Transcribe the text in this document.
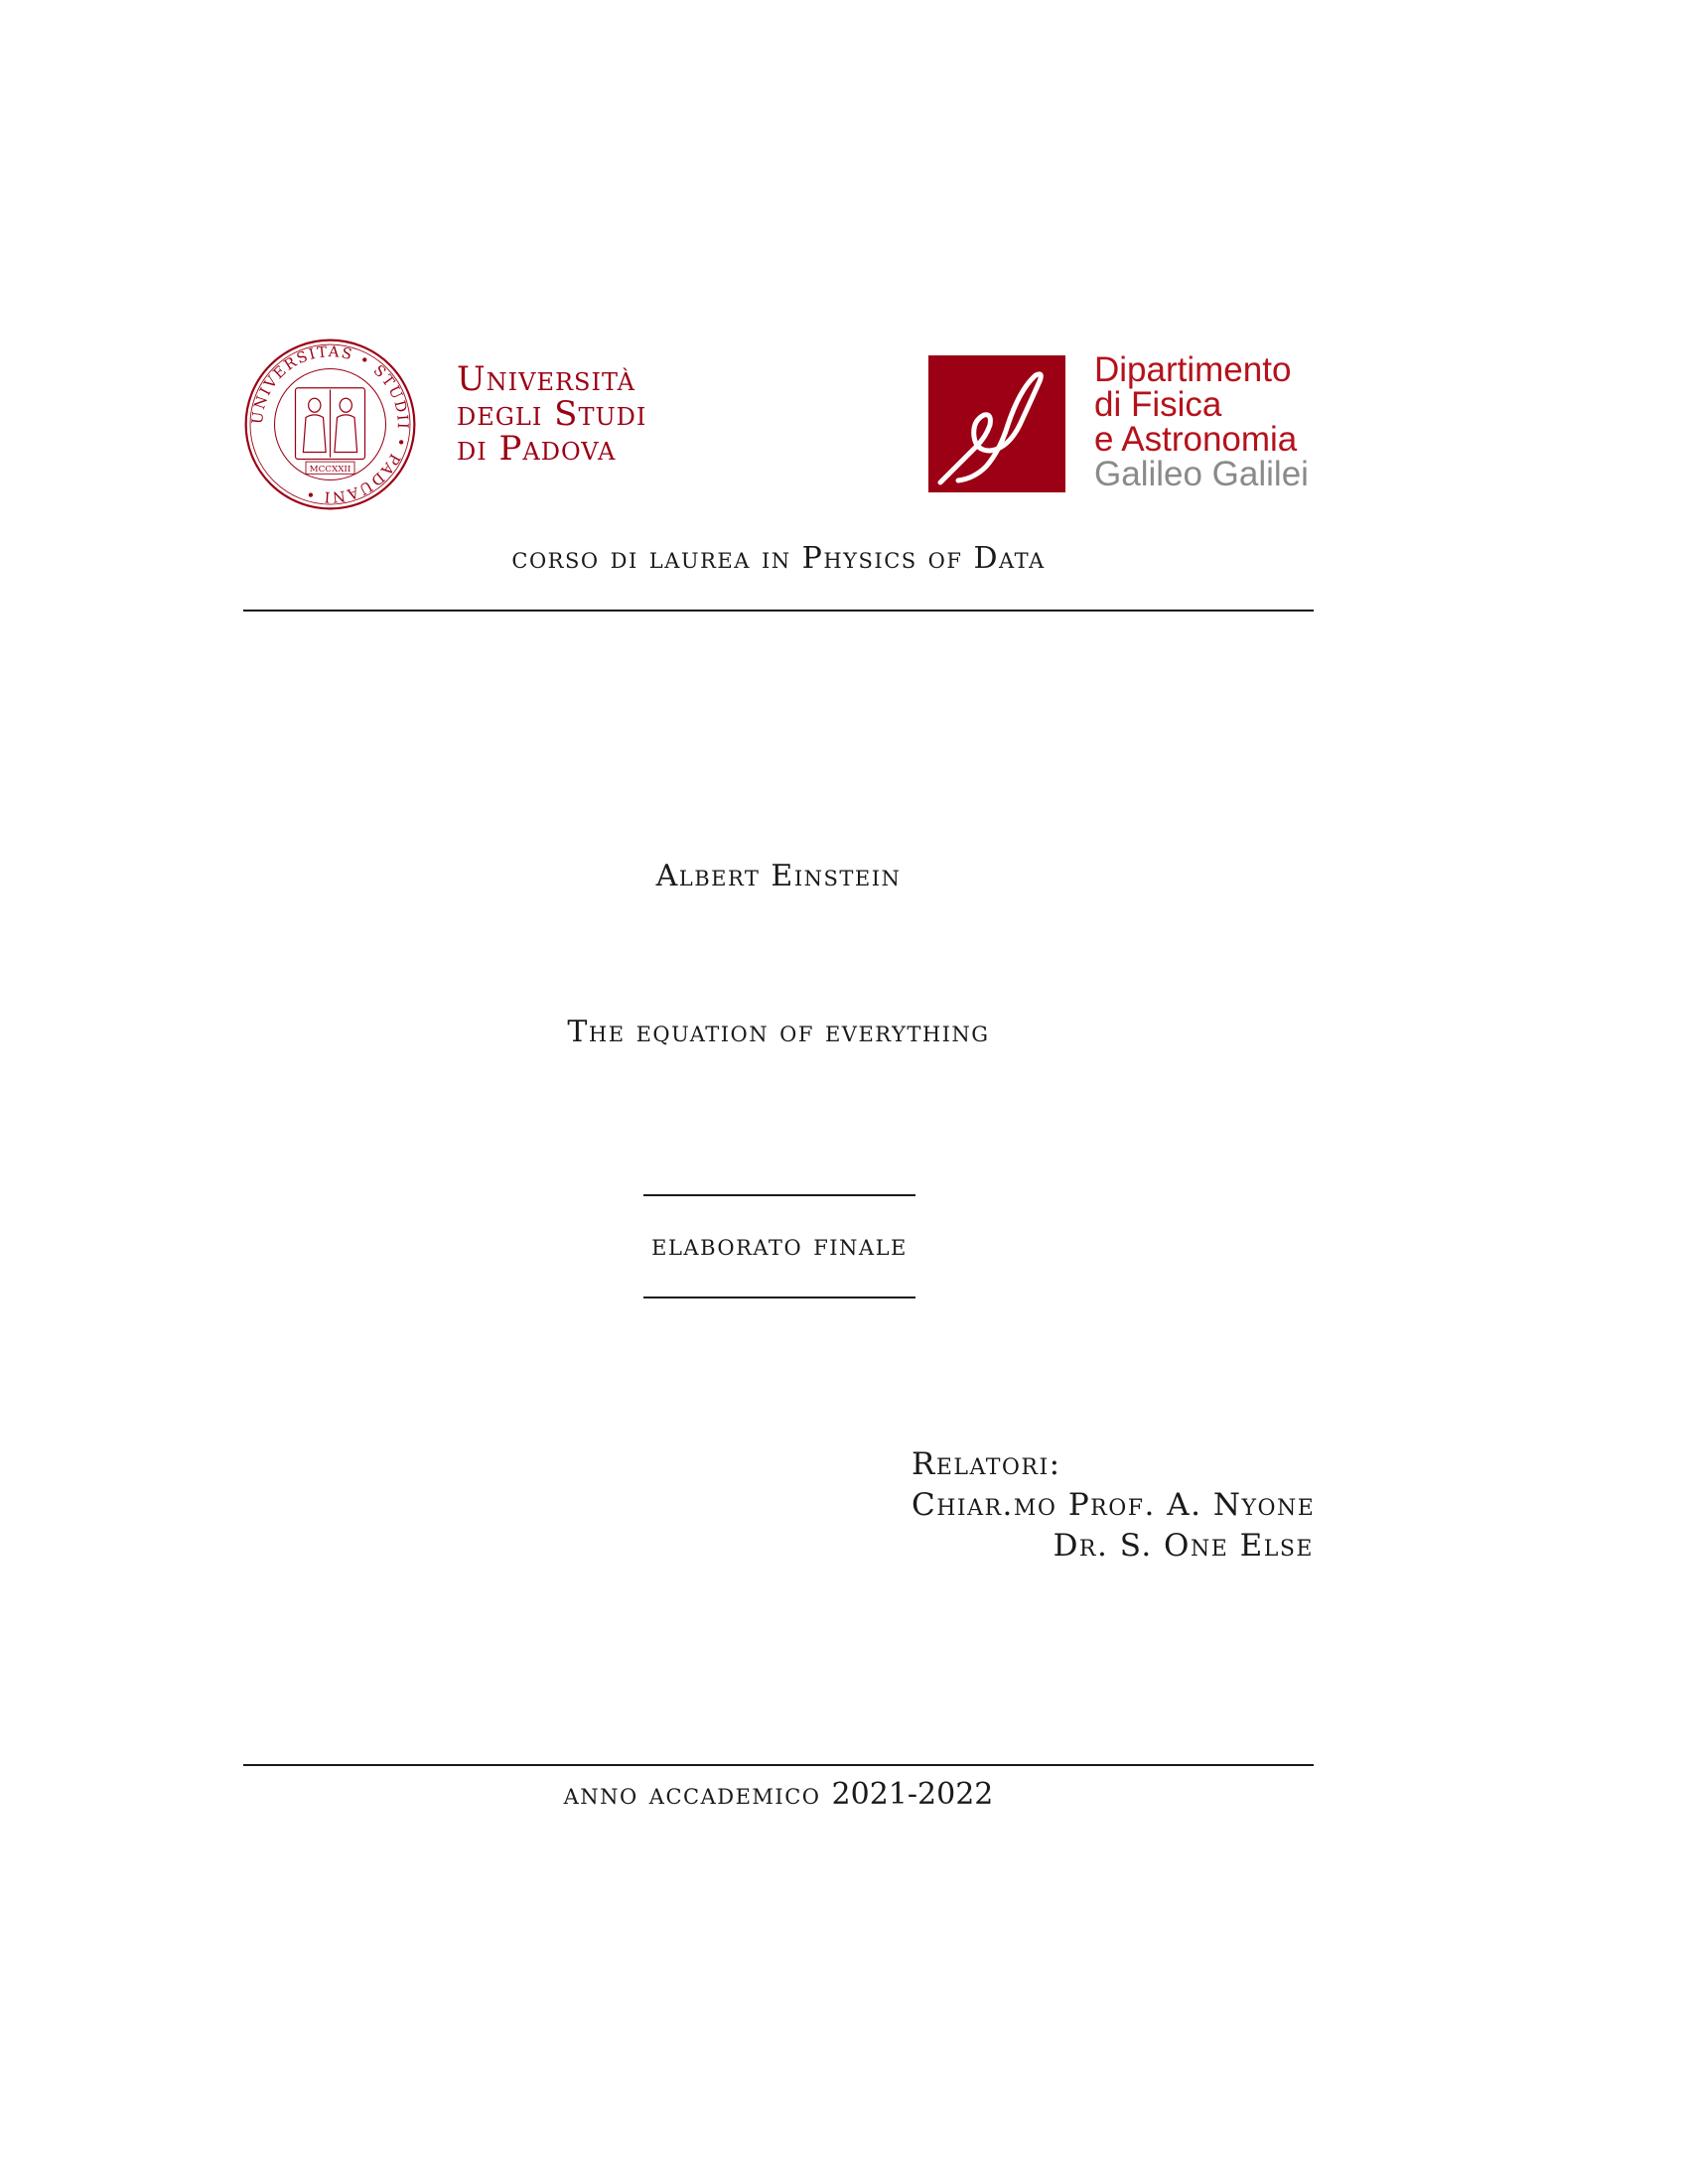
UNIVERSITAS • STUDII • PADUANI •
MCCXXII
Università
degli Studi
di Padova
Dipartimento
di Fisica
e Astronomia
Galileo Galilei
corso di laurea in Physics of Data
Albert Einstein
The equation of everything
elaborato finale
Relatori:
Chiar.mo Prof. A. Nyone
Dr. S. One Else
anno accademico 2021-2022
